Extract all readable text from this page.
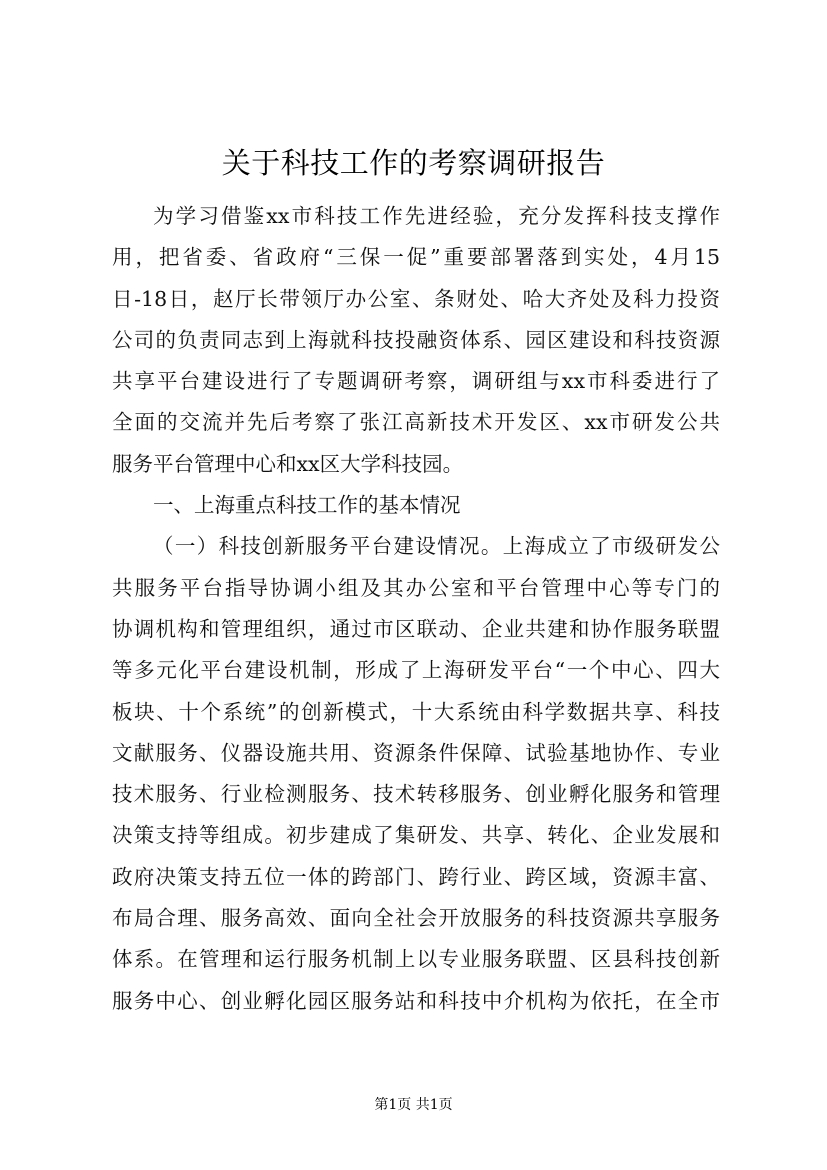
关于科技工作的考察调研报告
为学习借鉴xx市科技工作先进经验，充分发挥科技支撑作
用，把省委、省政府“三保一促”重要部署落到实处，4月15
日-18日，赵厅长带领厅办公室、条财处、哈大齐处及科力投资
公司的负责同志到上海就科技投融资体系、园区建设和科技资源
共享平台建设进行了专题调研考察，调研组与xx市科委进行了
全面的交流并先后考察了张江高新技术开发区、xx市研发公共
服务平台管理中心和xx区大学科技园。
一、上海重点科技工作的基本情况
（一）科技创新服务平台建设情况。上海成立了市级研发公
共服务平台指导协调小组及其办公室和平台管理中心等专门的
协调机构和管理组织，通过市区联动、企业共建和协作服务联盟
等多元化平台建设机制，形成了上海研发平台“一个中心、四大
板块、十个系统”的创新模式，十大系统由科学数据共享、科技
文献服务、仪器设施共用、资源条件保障、试验基地协作、专业
技术服务、行业检测服务、技术转移服务、创业孵化服务和管理
决策支持等组成。初步建成了集研发、共享、转化、企业发展和
政府决策支持五位一体的跨部门、跨行业、跨区域，资源丰富、
布局合理、服务高效、面向全社会开放服务的科技资源共享服务
体系。在管理和运行服务机制上以专业服务联盟、区县科技创新
服务中心、创业孵化园区服务站和科技中介机构为依托，在全市
第1页 共1页
